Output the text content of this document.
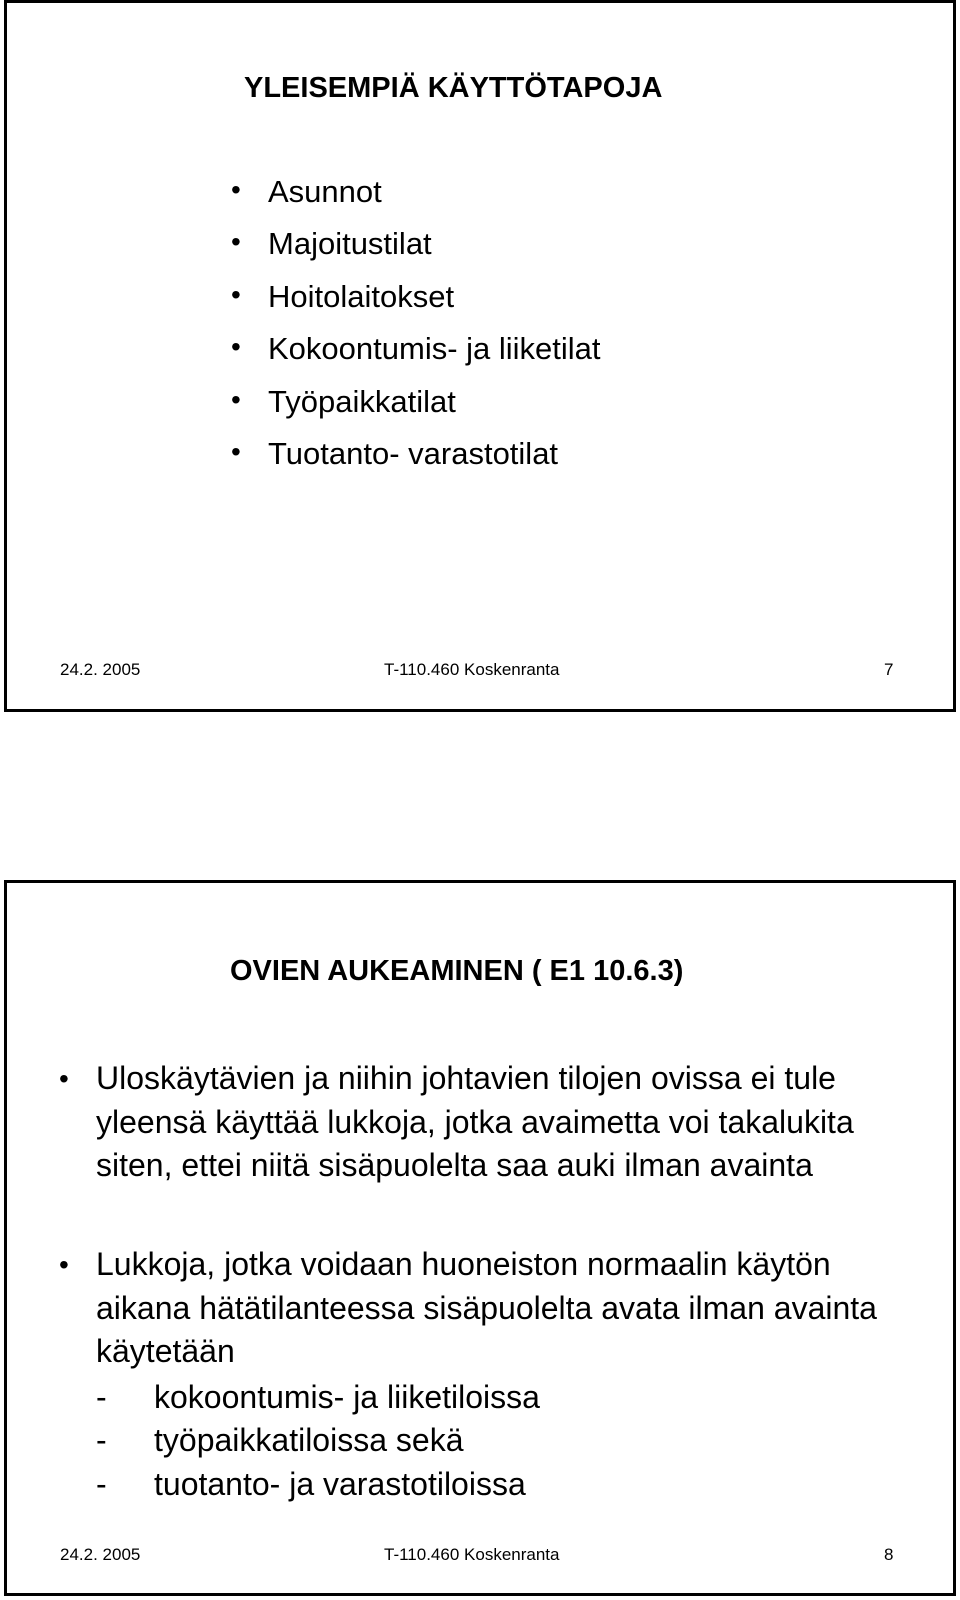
YLEISEMPIÄ KÄYTTÖTAPOJA
• Asunnot
• Majoitustilat
• Hoitolaitokset
• Kokoontumis- ja liiketilat
• Työpaikkatilat
• Tuotanto- varastotilat
24.2. 2005	T-110.460 Koskenranta	7
OVIEN AUKEAMINEN ( E1 10.6.3)
• Uloskäytävien ja niihin johtavien tilojen ovissa ei tule yleensä käyttää lukkoja, jotka avaimetta voi takalukita siten, ettei niitä sisäpuolelta saa auki ilman avainta
• Lukkoja, jotka voidaan huoneiston normaalin käytön aikana hätätilanteessa sisäpuolelta avata ilman avainta käytetään
- kokoontumis- ja liiketiloissa
- työpaikkatiloissa sekä
- tuotanto- ja varastotiloissa
24.2. 2005	T-110.460 Koskenranta	8
